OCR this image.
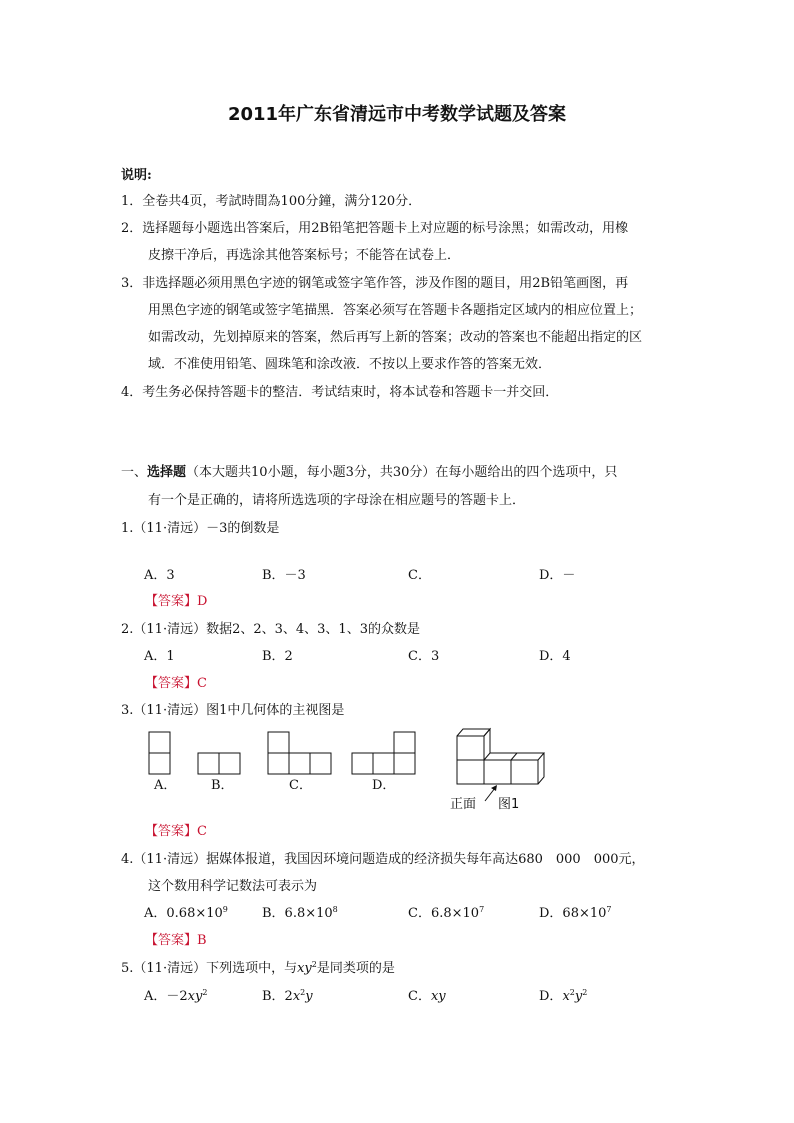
2011年广东省清远市中考数学试题及答案
说明:
1．全卷共4页，考試時間為100分鐘，满分120分．
2．选择题每小题选出答案后，用2B铅笔把答题卡上对应题的标号涂黑；如需改动，用橡
皮擦干净后，再选涂其他答案标号；不能答在试卷上．
3．非选择题必须用黑色字迹的钢笔或签字笔作答，涉及作图的题目，用2B铅笔画图，再
用黑色字迹的钢笔或签字笔描黑．答案必须写在答题卡各题指定区域内的相应位置上；
如需改动，先划掉原来的答案，然后再写上新的答案；改动的答案也不能超出指定的区
域．不准使用铅笔、圆珠笔和涂改液．不按以上要求作答的答案无效．
4．考生务必保持答题卡的整洁．考试结束时，将本试卷和答题卡一并交回．
一、选择题（本大题共10小题，每小题3分，共30分）在每小题给出的四个选项中，只
有一个是正确的，请将所选选项的字母涂在相应题号的答题卡上．
1.（11·清远）－3的倒数是
A．3	B．－3	C．	D．－
【答案】D
2.（11·清远）数据2、2、3、4、3、1、3的众数是
A．1	B．2	C．3	D．4
【答案】C
3.（11·清远）图1中几何体的主视图是
A．	B．	C．	D．
正面 图1
【答案】C
4.（11·清远）据媒体报道，我国因环境问题造成的经济损失每年高达680　000　000元，
这个数用科学记数法可表示为
A．$0.68\times 10^9$	B．$6.8\times 10^8$	C．$6.8\times 10^7$	D．$68\times 10^7$
【答案】B
5.（11·清远）下列选项中，与$xy^2$是同类项的是
A．$-2xy^2$	B．$2x^2y$	C．xy	D．$x^2y^2$
